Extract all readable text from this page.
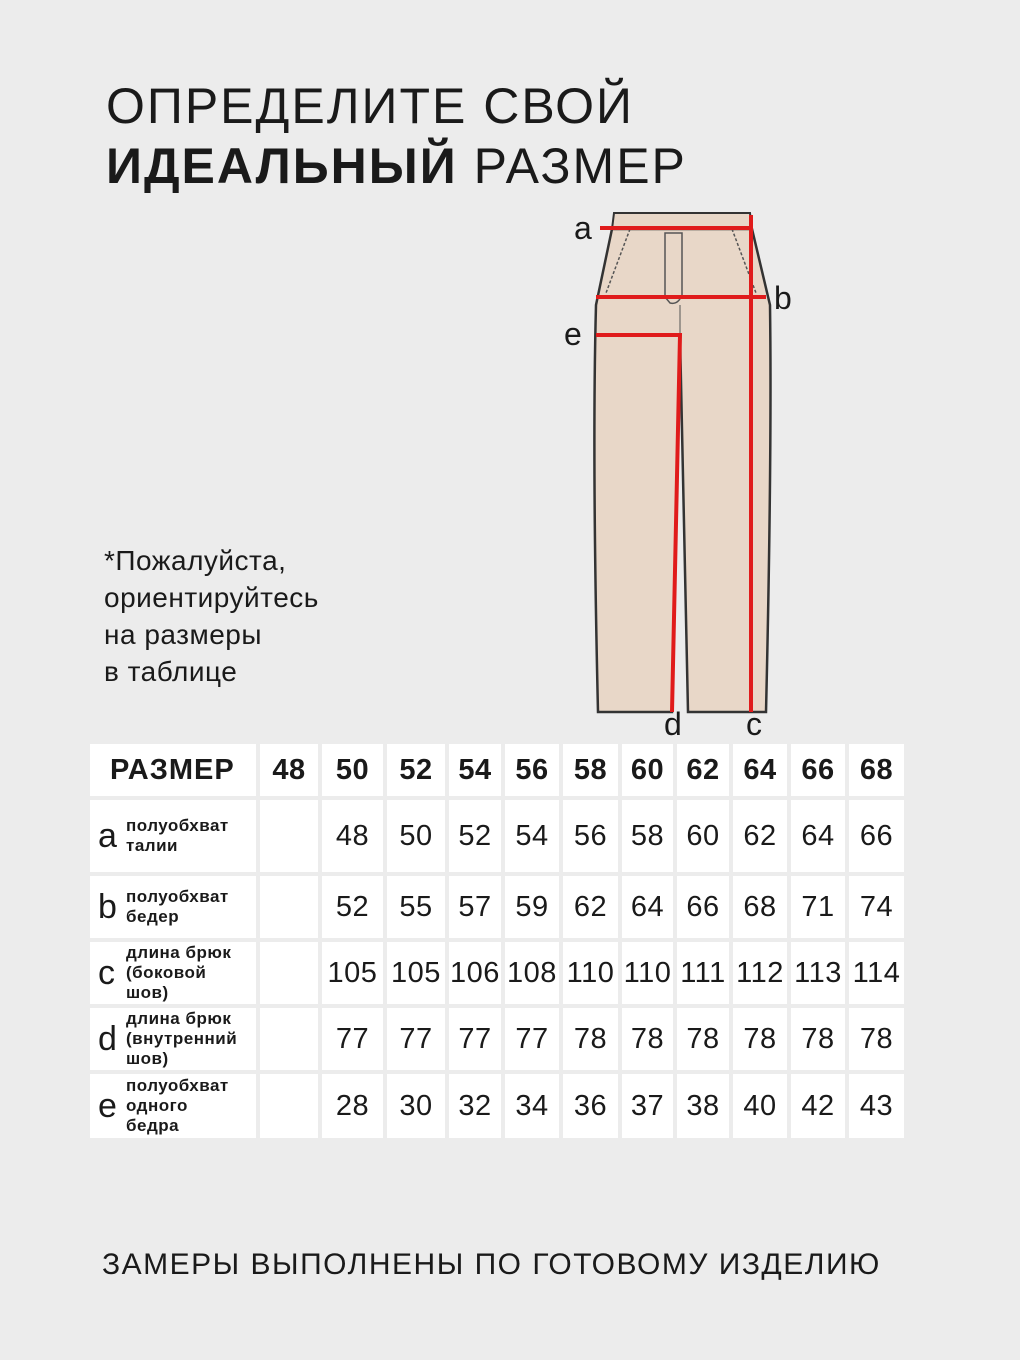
ОПРЕДЕЛИТЕ СВОЙ
ИДЕАЛЬНЫЙ РАЗМЕР
*Пожалуйста,
ориентируйтесь
на размеры
в таблице
a
b
e
d c
РАЗМЕР	48	50	52	54	56	58	60	62	64	66	68

a полуобхват
талии		48	50	52	54	56	58	60	62	64	66

b полуобхват
бедер		52	55	57	59	62	64	66	68	71	74

c
длина брюк
(боковой
шов)		105	105	106	108	110	110	111	112	113	114

d
длина брюк
(внутренний
шов)		77	77	77	77	78	78	78	78	78	78

e
полуобхват
одного
бедра		28	30	32	34	36	37	38	40	42	43
ЗАМЕРЫ ВЫПОЛНЕНЫ ПО ГОТОВОМУ ИЗДЕЛИЮ
